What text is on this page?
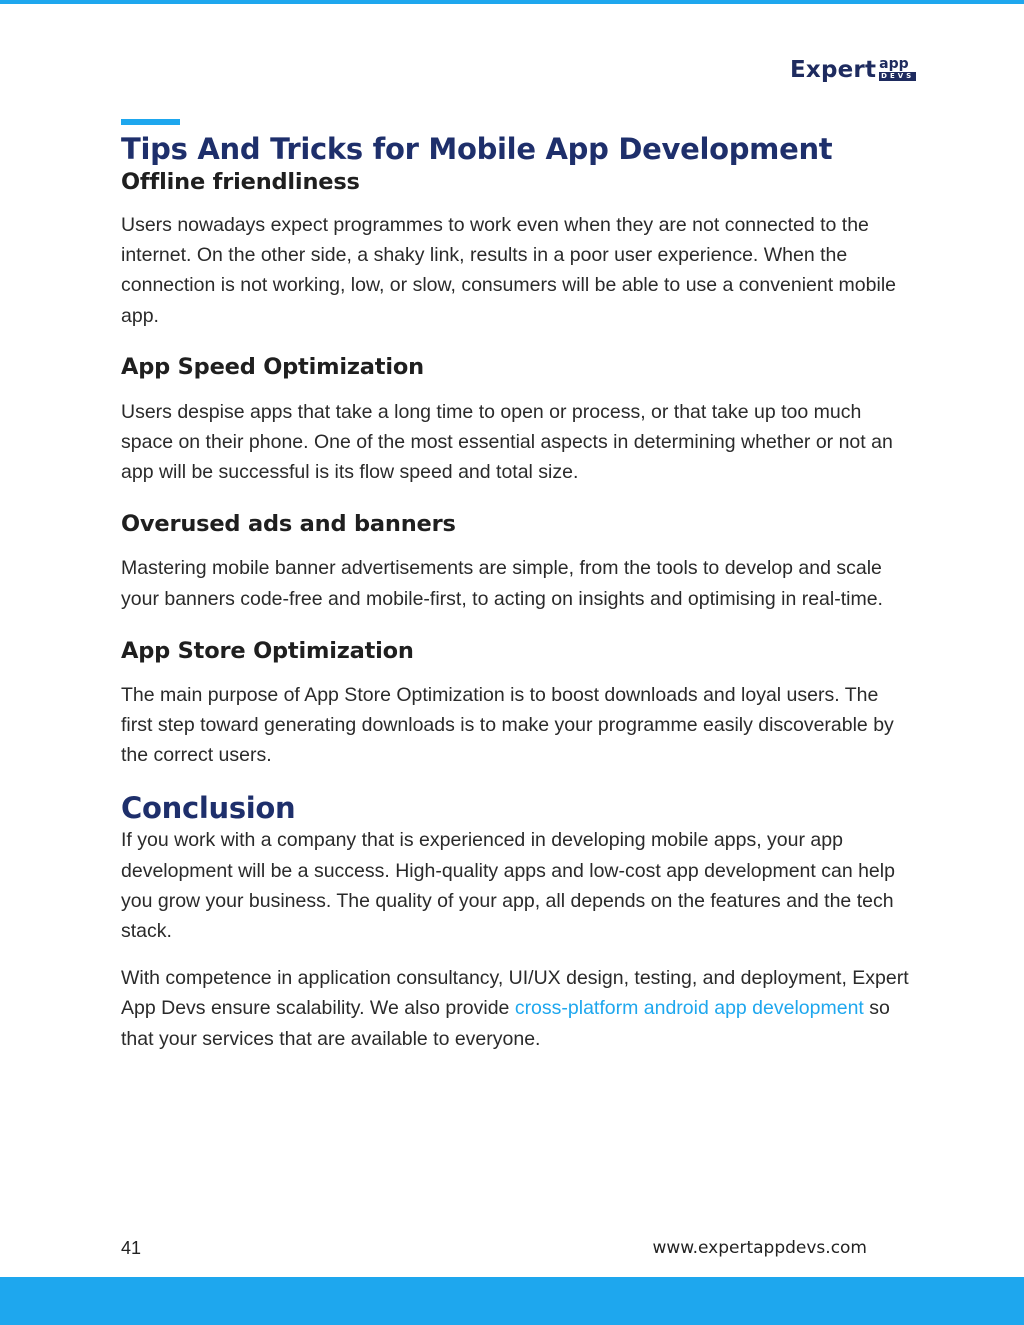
Expert app
DEVS
Tips And Tricks for Mobile App Development
Offline friendliness

Users nowadays expect programmes to work even when they are not connected to the internet. On the other side, a shaky link, results in a poor user experience. When the connection is not working, low, or slow, consumers will be able to use a convenient mobile app.

App Speed Optimization

Users despise apps that take a long time to open or process, or that take up too much space on their phone. One of the most essential aspects in determining whether or not an app will be successful is its flow speed and total size.

Overused ads and banners

Mastering mobile banner advertisements are simple, from the tools to develop and scale your banners code-free and mobile-first, to acting on insights and optimising in real-time.

App Store Optimization

The main purpose of App Store Optimization is to boost downloads and loyal users. The first step toward generating downloads is to make your programme easily discoverable by the correct users.

Conclusion

If you work with a company that is experienced in developing mobile apps, your app development will be a success. High-quality apps and low-cost app development can help you grow your business. The quality of your app, all depends on the features and the tech stack.

With competence in application consultancy, UI/UX design, testing, and deployment, Expert App Devs ensure scalability. We also provide cross-platform android app development so that your services that are available to everyone.

41	www.expertappdevs.com
